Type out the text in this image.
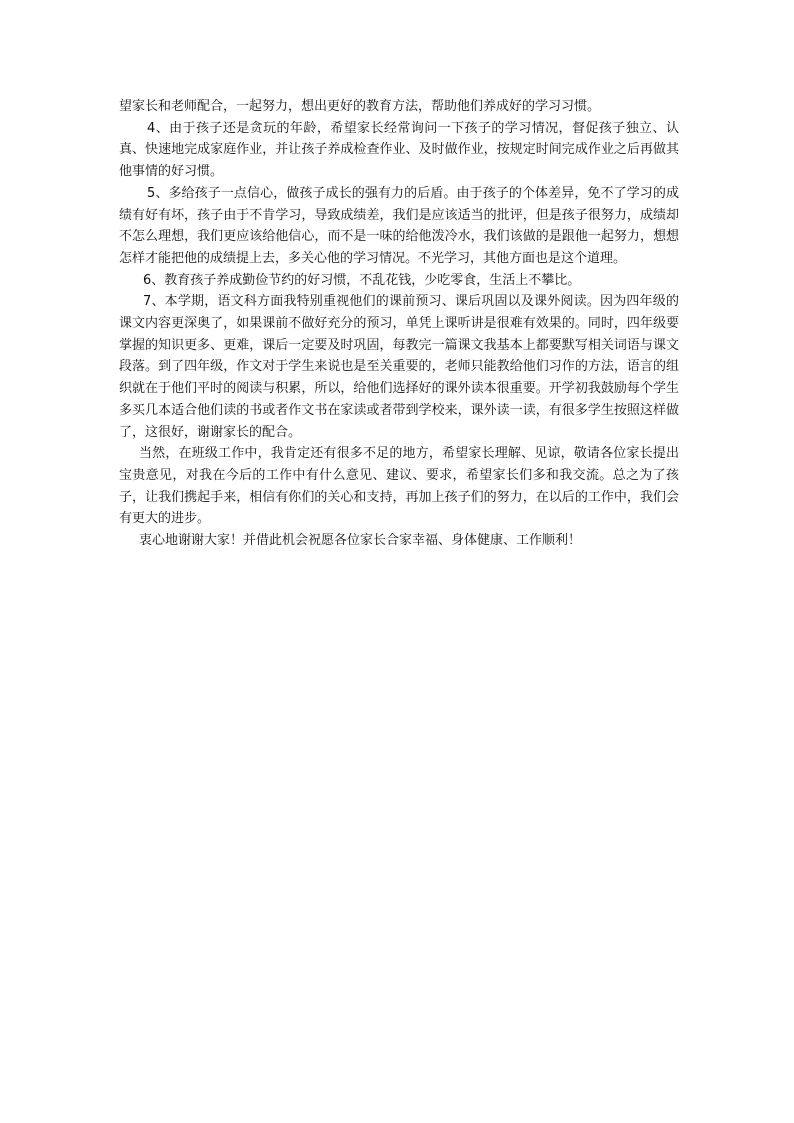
望家长和老师配合，一起努力，想出更好的教育方法，帮助他们养成好的学习习惯。

4、由于孩子还是贪玩的年龄，希望家长经常询问一下孩子的学习情况，督促孩子独立、认真、快速地完成家庭作业，并让孩子养成检查作业、及时做作业，按规定时间完成作业之后再做其他事情的好习惯。

5、多给孩子一点信心，做孩子成长的强有力的后盾。由于孩子的个体差异，免不了学习的成绩有好有坏，孩子由于不肯学习，导致成绩差，我们是应该适当的批评，但是孩子很努力，成绩却不怎么理想，我们更应该给他信心，而不是一味的给他泼冷水，我们该做的是跟他一起努力，想想怎样才能把他的成绩提上去，多关心他的学习情况。不光学习，其他方面也是这个道理。

6、教育孩子养成勤俭节约的好习惯，不乱花钱，少吃零食，生活上不攀比。

7、本学期，语文科方面我特别重视他们的课前预习、课后巩固以及课外阅读。因为四年级的课文内容更深奥了，如果课前不做好充分的预习，单凭上课听讲是很难有效果的。同时，四年级要掌握的知识更多、更难，课后一定要及时巩固，每教完一篇课文我基本上都要默写相关词语与课文段落。到了四年级，作文对于学生来说也是至关重要的，老师只能教给他们习作的方法，语言的组织就在于他们平时的阅读与积累，所以，给他们选择好的课外读本很重要。开学初我鼓励每个学生多买几本适合他们读的书或者作文书在家读或者带到学校来，课外读一读，有很多学生按照这样做了，这很好，谢谢家长的配合。

当然，在班级工作中，我肯定还有很多不足的地方，希望家长理解、见谅，敬请各位家长提出宝贵意见，对我在今后的工作中有什么意见、建议、要求，希望家长们多和我交流。总之为了孩子，让我们携起手来，相信有你们的关心和支持，再加上孩子们的努力，在以后的工作中，我们会有更大的进步。

衷心地谢谢大家！并借此机会祝愿各位家长合家幸福、身体健康、工作顺利！
